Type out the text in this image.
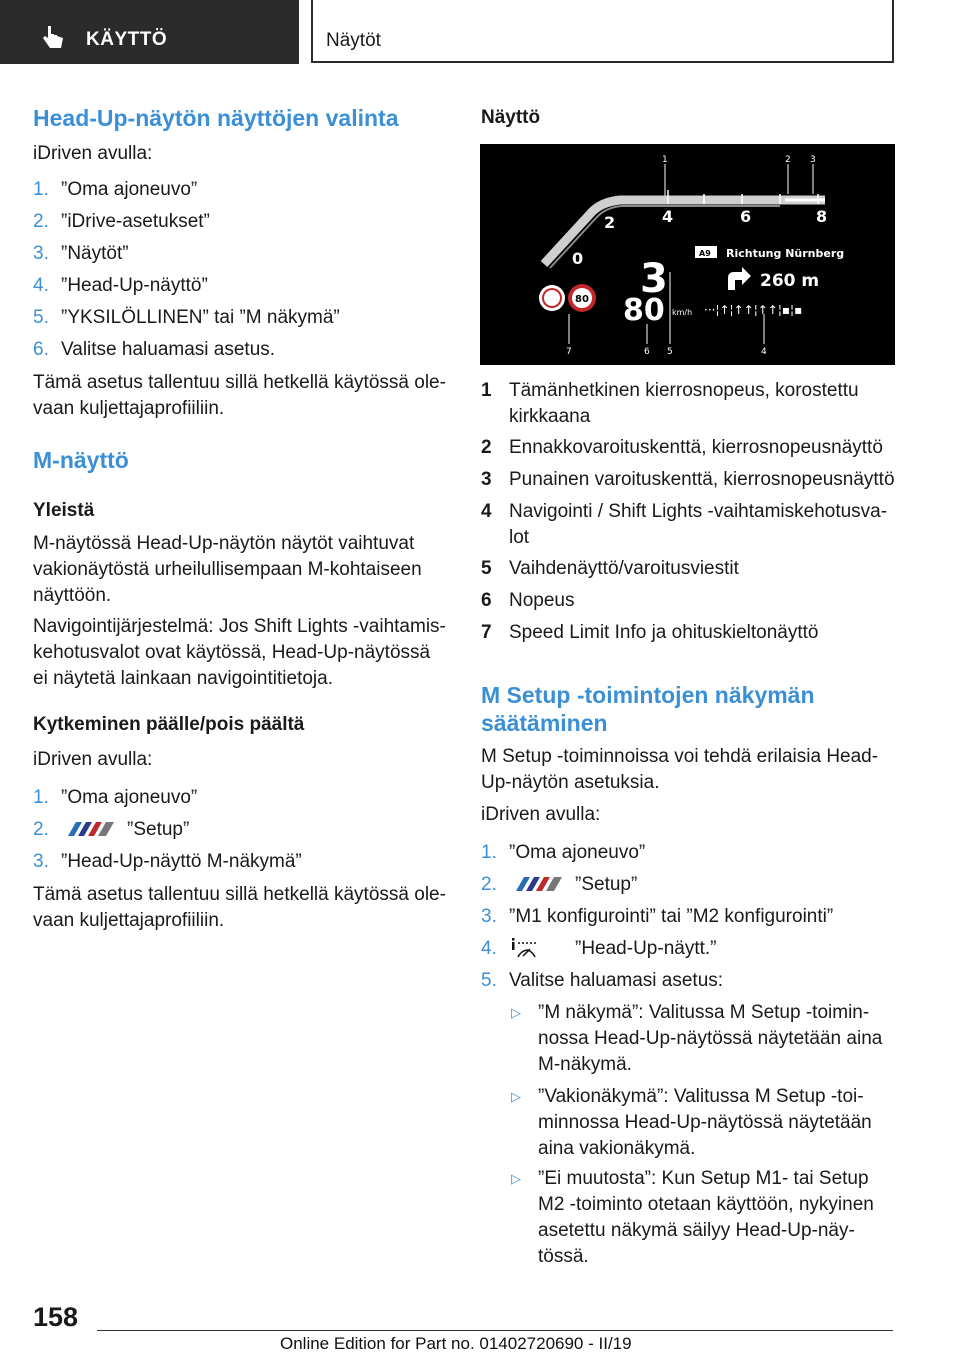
KÄYTTÖ	Näytöt
Head-Up-näytön näyttöjen valinta
iDriven avulla:
1. ”Oma ajoneuvo”
2. ”iDrive-asetukset”
3. ”Näytöt”
4. ”Head-Up-näyttö”
5. ”YKSILÖLLINEN” tai ”M näkymä”
6. Valitse haluamasi asetus.
Tämä asetus tallentuu sillä hetkellä käytössä ole-
vaan kuljettajaprofiiliin.
M-näyttö
Yleistä
M-näytössä Head-Up-näytön näytöt vaihtuvat
vakionäytöstä urheilullisempaan M-kohtaiseen
näyttöön.
Navigointijärjestelmä: Jos Shift Lights -vaihtamis-
kehotusvalot ovat käytössä, Head-Up-näytössä
ei näytetä lainkaan navigointitietoja.
Kytkeminen päälle/pois päältä
iDriven avulla:
1. ”Oma ajoneuvo”
2.	”Setup”
3. ”Head-Up-näyttö M-näkymä”
Tämä asetus tallentuu sillä hetkellä käytössä ole-
vaan kuljettajaprofiiliin.
Näyttö
0
2	4	6	8
1	2 3
A9 Richtung Nürnberg
260 m
3
80 km/h ···¦↑¦↑↑¦↑↑¦▪¦▪
80
7	6 5	4
1 Tämänhetkinen kierrosnopeus, korostettu
kirkkaana
2 Ennakkovaroituskenttä, kierrosnopeusnäyttö
3 Punainen varoituskenttä, kierrosnopeusnäyttö
4 Navigointi / Shift Lights -vaihtamiskehotusva-
lot
5 Vaihdenäyttö/varoitusviestit
6 Nopeus
7 Speed Limit Info ja ohituskieltonäyttö
M Setup -toimintojen näkymän
säätäminen
M Setup -toiminnoissa voi tehdä erilaisia Head-
Up-näytön asetuksia.
iDriven avulla:
1. ”Oma ajoneuvo”
2.	”Setup”
3. ”M1 konfigurointi” tai ”M2 konfigurointi”
4.	”Head-Up-näytt.”
5. Valitse haluamasi asetus:
▷ ”M näkymä”: Valitussa M Setup -toimin-
nossa Head-Up-näytössä näytetään aina
M-näkymä.
▷ ”Vakionäkymä”: Valitussa M Setup -toi-
minnossa Head-Up-näytössä näytetään
aina vakionäkymä.
▷ ”Ei muutosta”: Kun Setup M1- tai Setup
M2 -toiminto otetaan käyttöön, nykyinen
asetettu näkymä säilyy Head-Up-näy-
tössä.
158
Online Edition for Part no. 01402720690 - II/19
